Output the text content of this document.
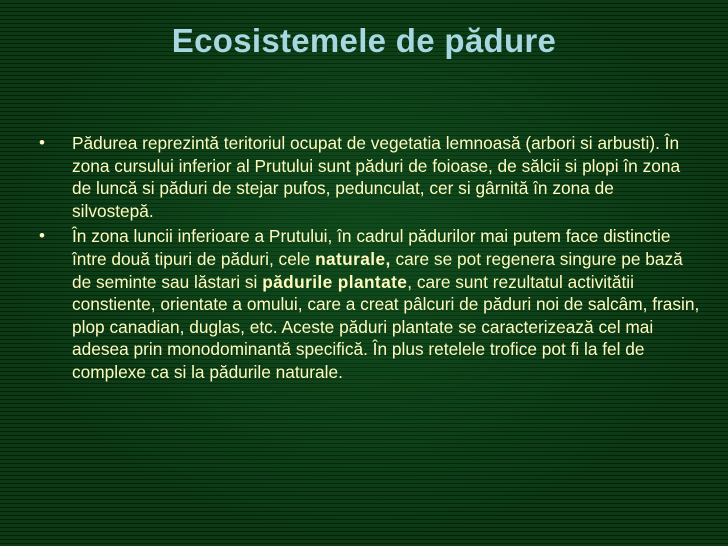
Ecosistemele de pădure
• Pădurea reprezintă teritoriul ocupat de vegetatia lemnoasă (arbori si arbusti). În zona cursului inferior al Prutului sunt păduri de foioase, de sălcii si plopi în zona de luncă si păduri de stejar pufos, pedunculat, cer si gârnită în zona de silvostepă.
• În zona luncii inferioare a Prutului, în cadrul pădurilor mai putem face distinctie între două tipuri de păduri, cele naturale, care se pot regenera singure pe bază de seminte sau lăstari si pădurile plantate, care sunt rezultatul activitătii constiente, orientate a omului, care a creat pâlcuri de păduri noi de salcâm, frasin, plop canadian, duglas, etc. Aceste păduri plantate se caracterizează cel mai adesea prin monodominantă specifică. În plus retelele trofice pot fi la fel de complexe ca si la pădurile naturale.
